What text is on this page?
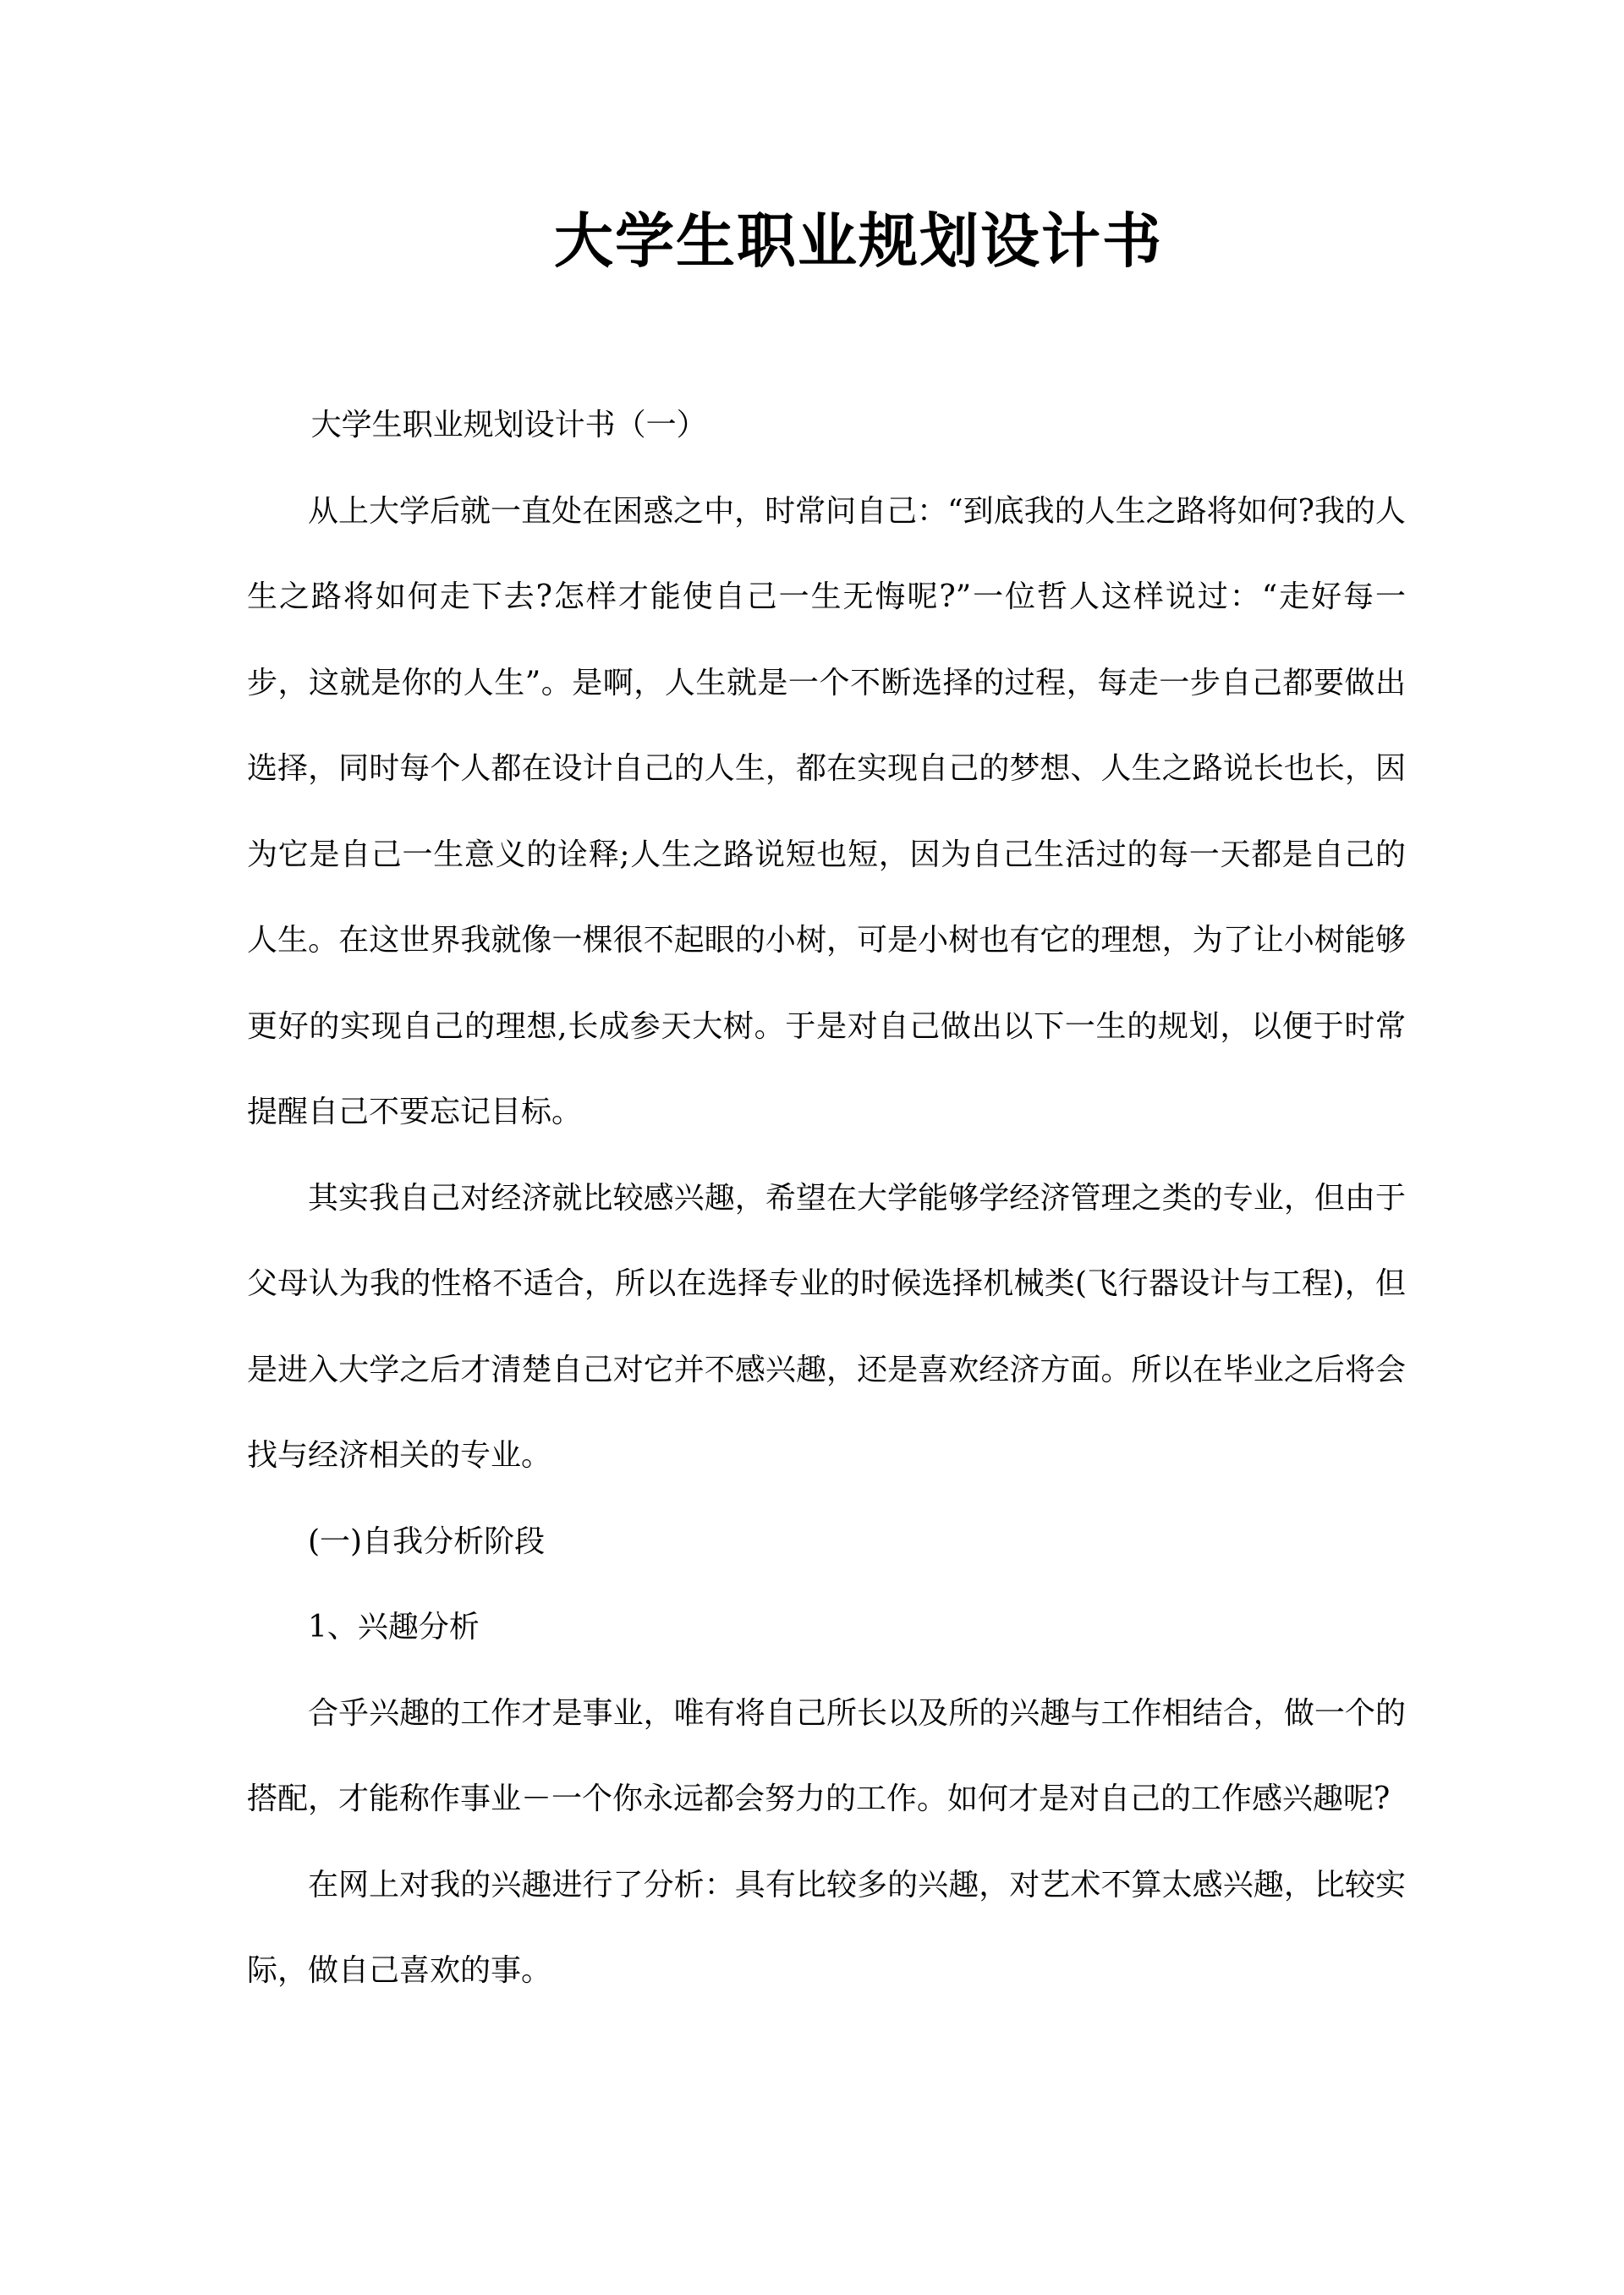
大学生职业规划设计书

大学生职业规划设计书（一）

从上大学后就一直处在困惑之中，时常问自己：“到底我的人生之路将如何?我的人生之路将如何走下去?怎样才能使自己一生无悔呢?”一位哲人这样说过：“走好每一步，这就是你的人生”。是啊，人生就是一个不断选择的过程，每走一步自己都要做出选择，同时每个人都在设计自己的人生，都在实现自己的梦想、人生之路说长也长，因为它是自己一生意义的诠释;人生之路说短也短，因为自己生活过的每一天都是自己的人生。在这世界我就像一棵很不起眼的小树，可是小树也有它的理想，为了让小树能够更好的实现自己的理想,长成参天大树。于是对自己做出以下一生的规划，以便于时常提醒自己不要忘记目标。

其实我自己对经济就比较感兴趣，希望在大学能够学经济管理之类的专业，但由于父母认为我的性格不适合，所以在选择专业的时候选择机械类(飞行器设计与工程)，但是进入大学之后才清楚自己对它并不感兴趣，还是喜欢经济方面。所以在毕业之后将会找与经济相关的专业。

(一)自我分析阶段

1、兴趣分析

合乎兴趣的工作才是事业，唯有将自己所长以及所的兴趣与工作相结合，做一个的搭配，才能称作事业－一个你永远都会努力的工作。如何才是对自己的工作感兴趣呢?

在网上对我的兴趣进行了分析：具有比较多的兴趣，对艺术不算太感兴趣，比较实际，做自己喜欢的事。
